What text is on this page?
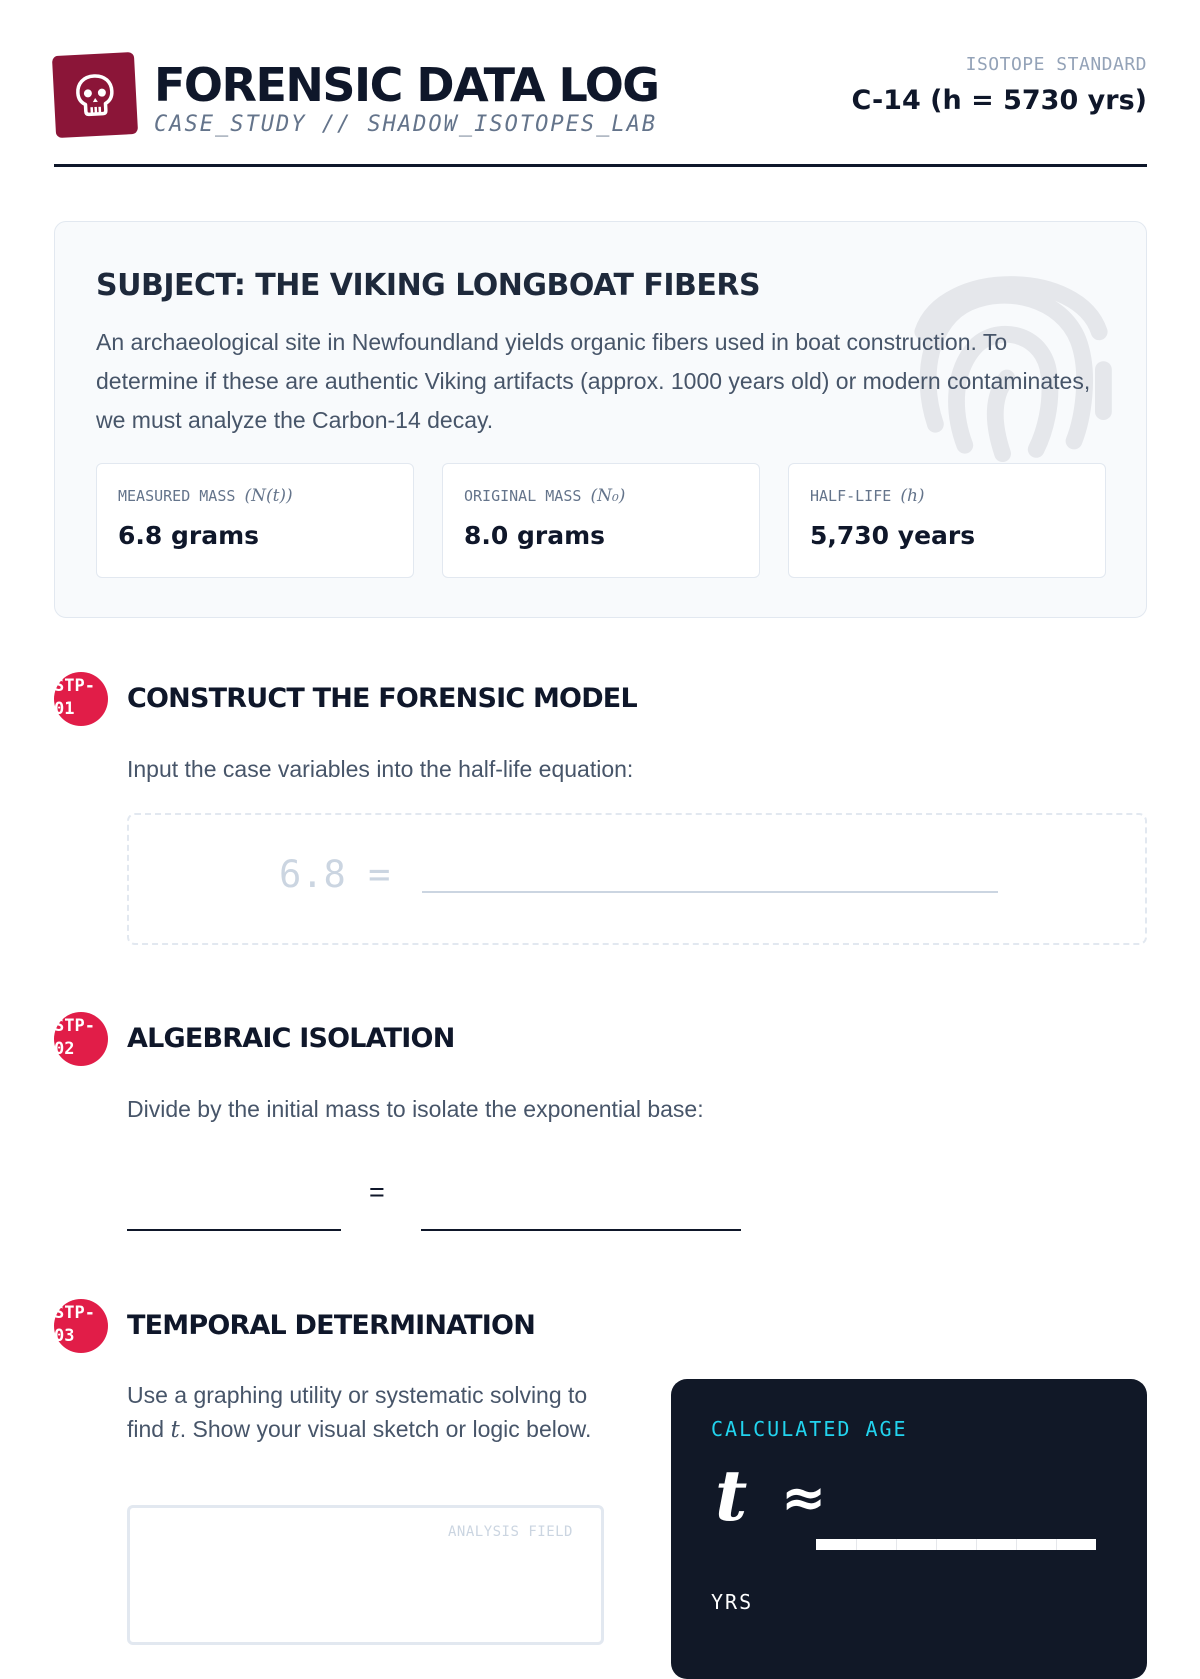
FORENSIC DATA LOG
CASE_STUDY // SHADOW_ISOTOPES_LAB
ISOTOPE STANDARD
C-14 (h = 5730 yrs)
SUBJECT: THE VIKING LONGBOAT FIBERS
An archaeological site in Newfoundland yields organic fibers used in boat construction. To determine if these are authentic Viking artifacts (approx. 1000 years old) or modern contaminates, we must analyze the Carbon-14 decay.
MEASURED MASS (N(t))
6.8 grams
ORIGINAL MASS (N₀)
8.0 grams
HALF-LIFE (h)
5,730 years
STP-
01	CONSTRUCT THE FORENSIC MODEL
Input the case variables into the half-life equation:
6.8 =
STP-
02	ALGEBRAIC ISOLATION
Divide by the initial mass to isolate the exponential base:
=
STP-
03	TEMPORAL DETERMINATION
Use a graphing utility or systematic solving to find t. Show your visual sketch or logic below.
ANALYSIS FIELD
CALCULATED AGE
t ≈
YRS
